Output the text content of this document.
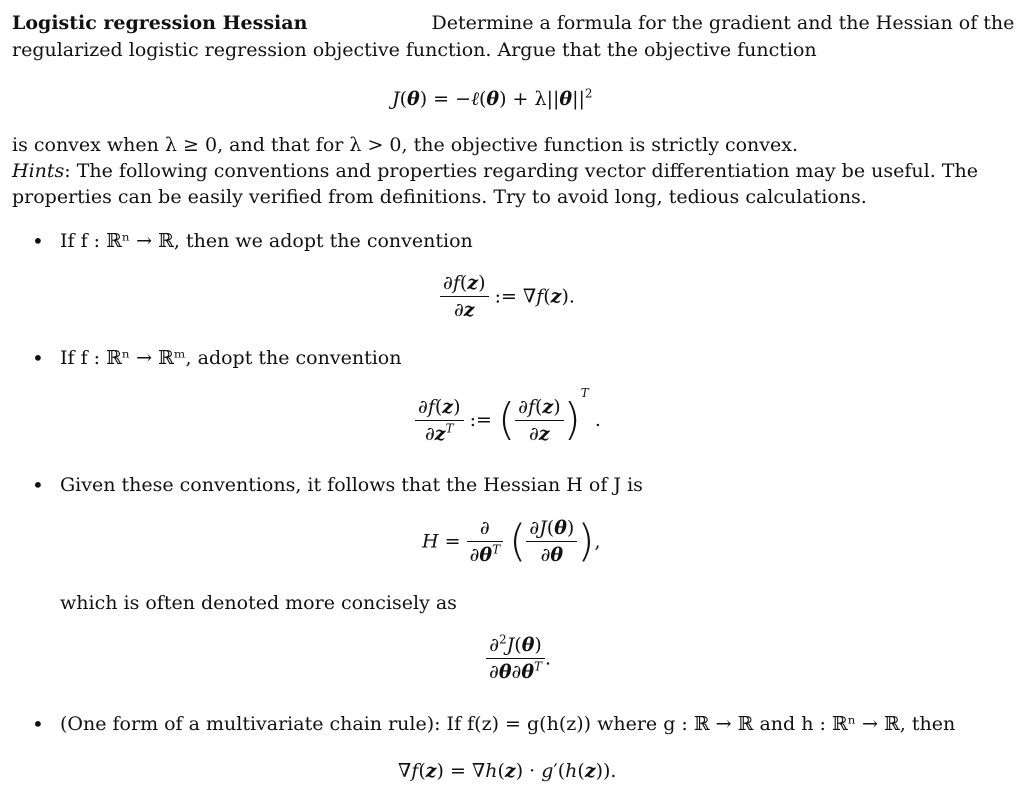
Logistic regression Hessian	Determine a formula for the gradient and the Hessian of the
regularized logistic regression objective function. Argue that the objective function
J(θ) = −ℓ(θ) + $\lambda||\theta||^2$
is convex when λ ≥ 0, and that for λ > 0, the objective function is strictly convex.
Hints: The following conventions and properties regarding vector differentiation may be useful. The
properties can be easily verified from definitions. Try to avoid long, tedious calculations.
• If f : ℝⁿ → ℝ, then we adopt the convention
$\frac{\partial f(z)}{\partial z}$ := ∇f(z).
• If f : ℝⁿ → ℝᵐ, adopt the convention
$\frac{\partial f(z)}{\partial z^T}$ := ( $\frac{\partial f(z)}{\partial z} )^T$ .
• Given these conventions, it follows that the Hessian H of J is
$H = \frac{\partial}{\partial\theta^T}$ ( $\frac{\partial J(\theta)}{\partial\theta}$ ),
which is often denoted more concisely as
$\frac{\partial^2J(\theta)}{\partial\theta\partial\theta^T}$ .
• (One form of a multivariate chain rule): If f(z) = g(h(z)) where g : ℝ → ℝ and h : ℝⁿ → ℝ, then
∇f(z) = ∇h(z) · g′(h(z)).
